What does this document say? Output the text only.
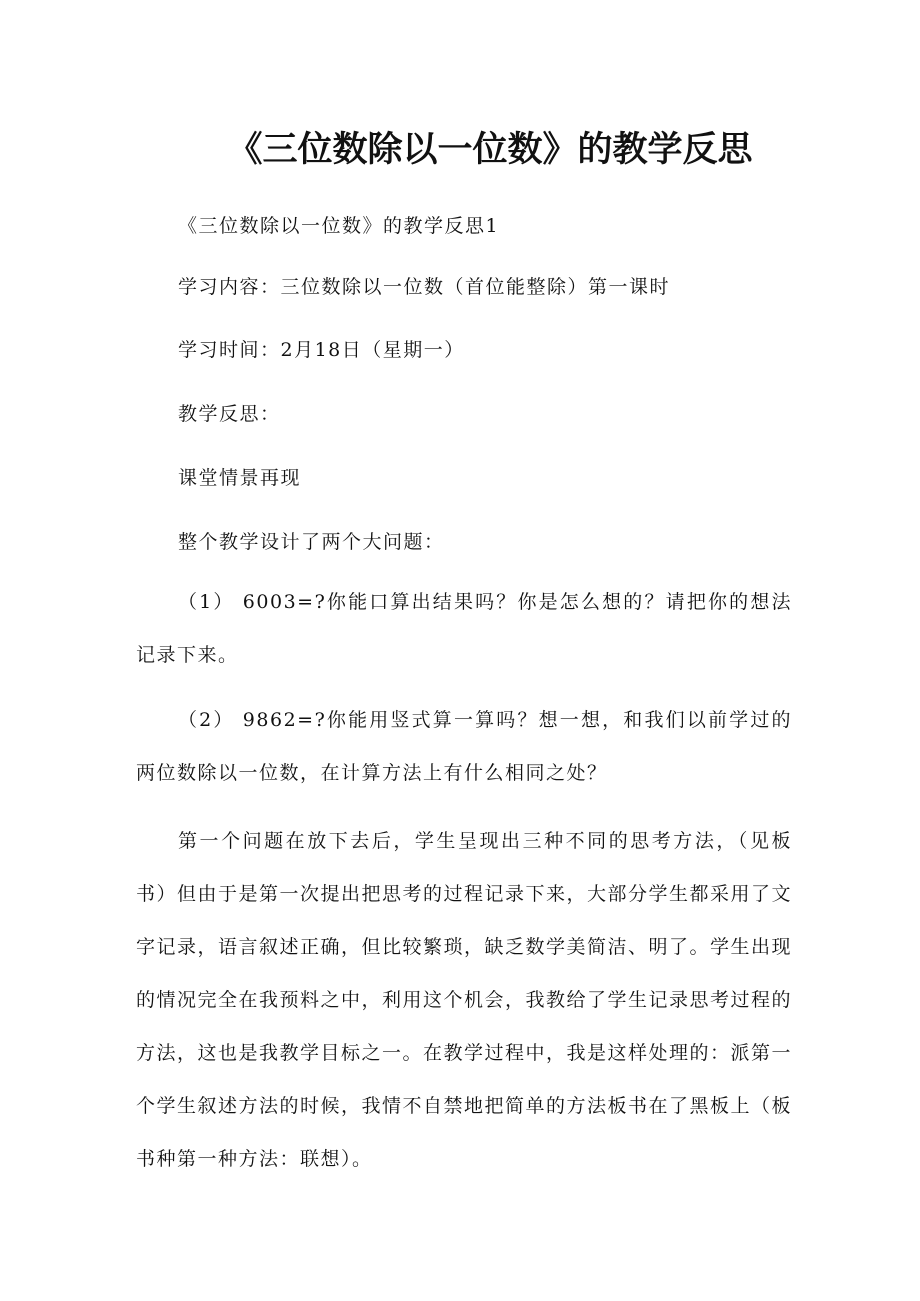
《三位数除以一位数》的教学反思

《三位数除以一位数》的教学反思1

学习内容：三位数除以一位数（首位能整除）第一课时

学习时间：2月18日（星期一）

教学反思：

课堂情景再现

整个教学设计了两个大问题：

（1） 6003=?你能口算出结果吗？你是怎么想的？请把你的想法记录下来。

（2） 9862=?你能用竖式算一算吗？想一想，和我们以前学过的两位数除以一位数，在计算方法上有什么相同之处？

第一个问题在放下去后，学生呈现出三种不同的思考方法，（见板书）但由于是第一次提出把思考的过程记录下来，大部分学生都采用了文字记录，语言叙述正确，但比较繁琐，缺乏数学美简洁、明了。学生出现的情况完全在我预料之中，利用这个机会，我教给了学生记录思考过程的方法，这也是我教学目标之一。在教学过程中，我是这样处理的：派第一个学生叙述方法的时候，我情不自禁地把简单的方法板书在了黑板上（板书种第一种方法：联想）。
